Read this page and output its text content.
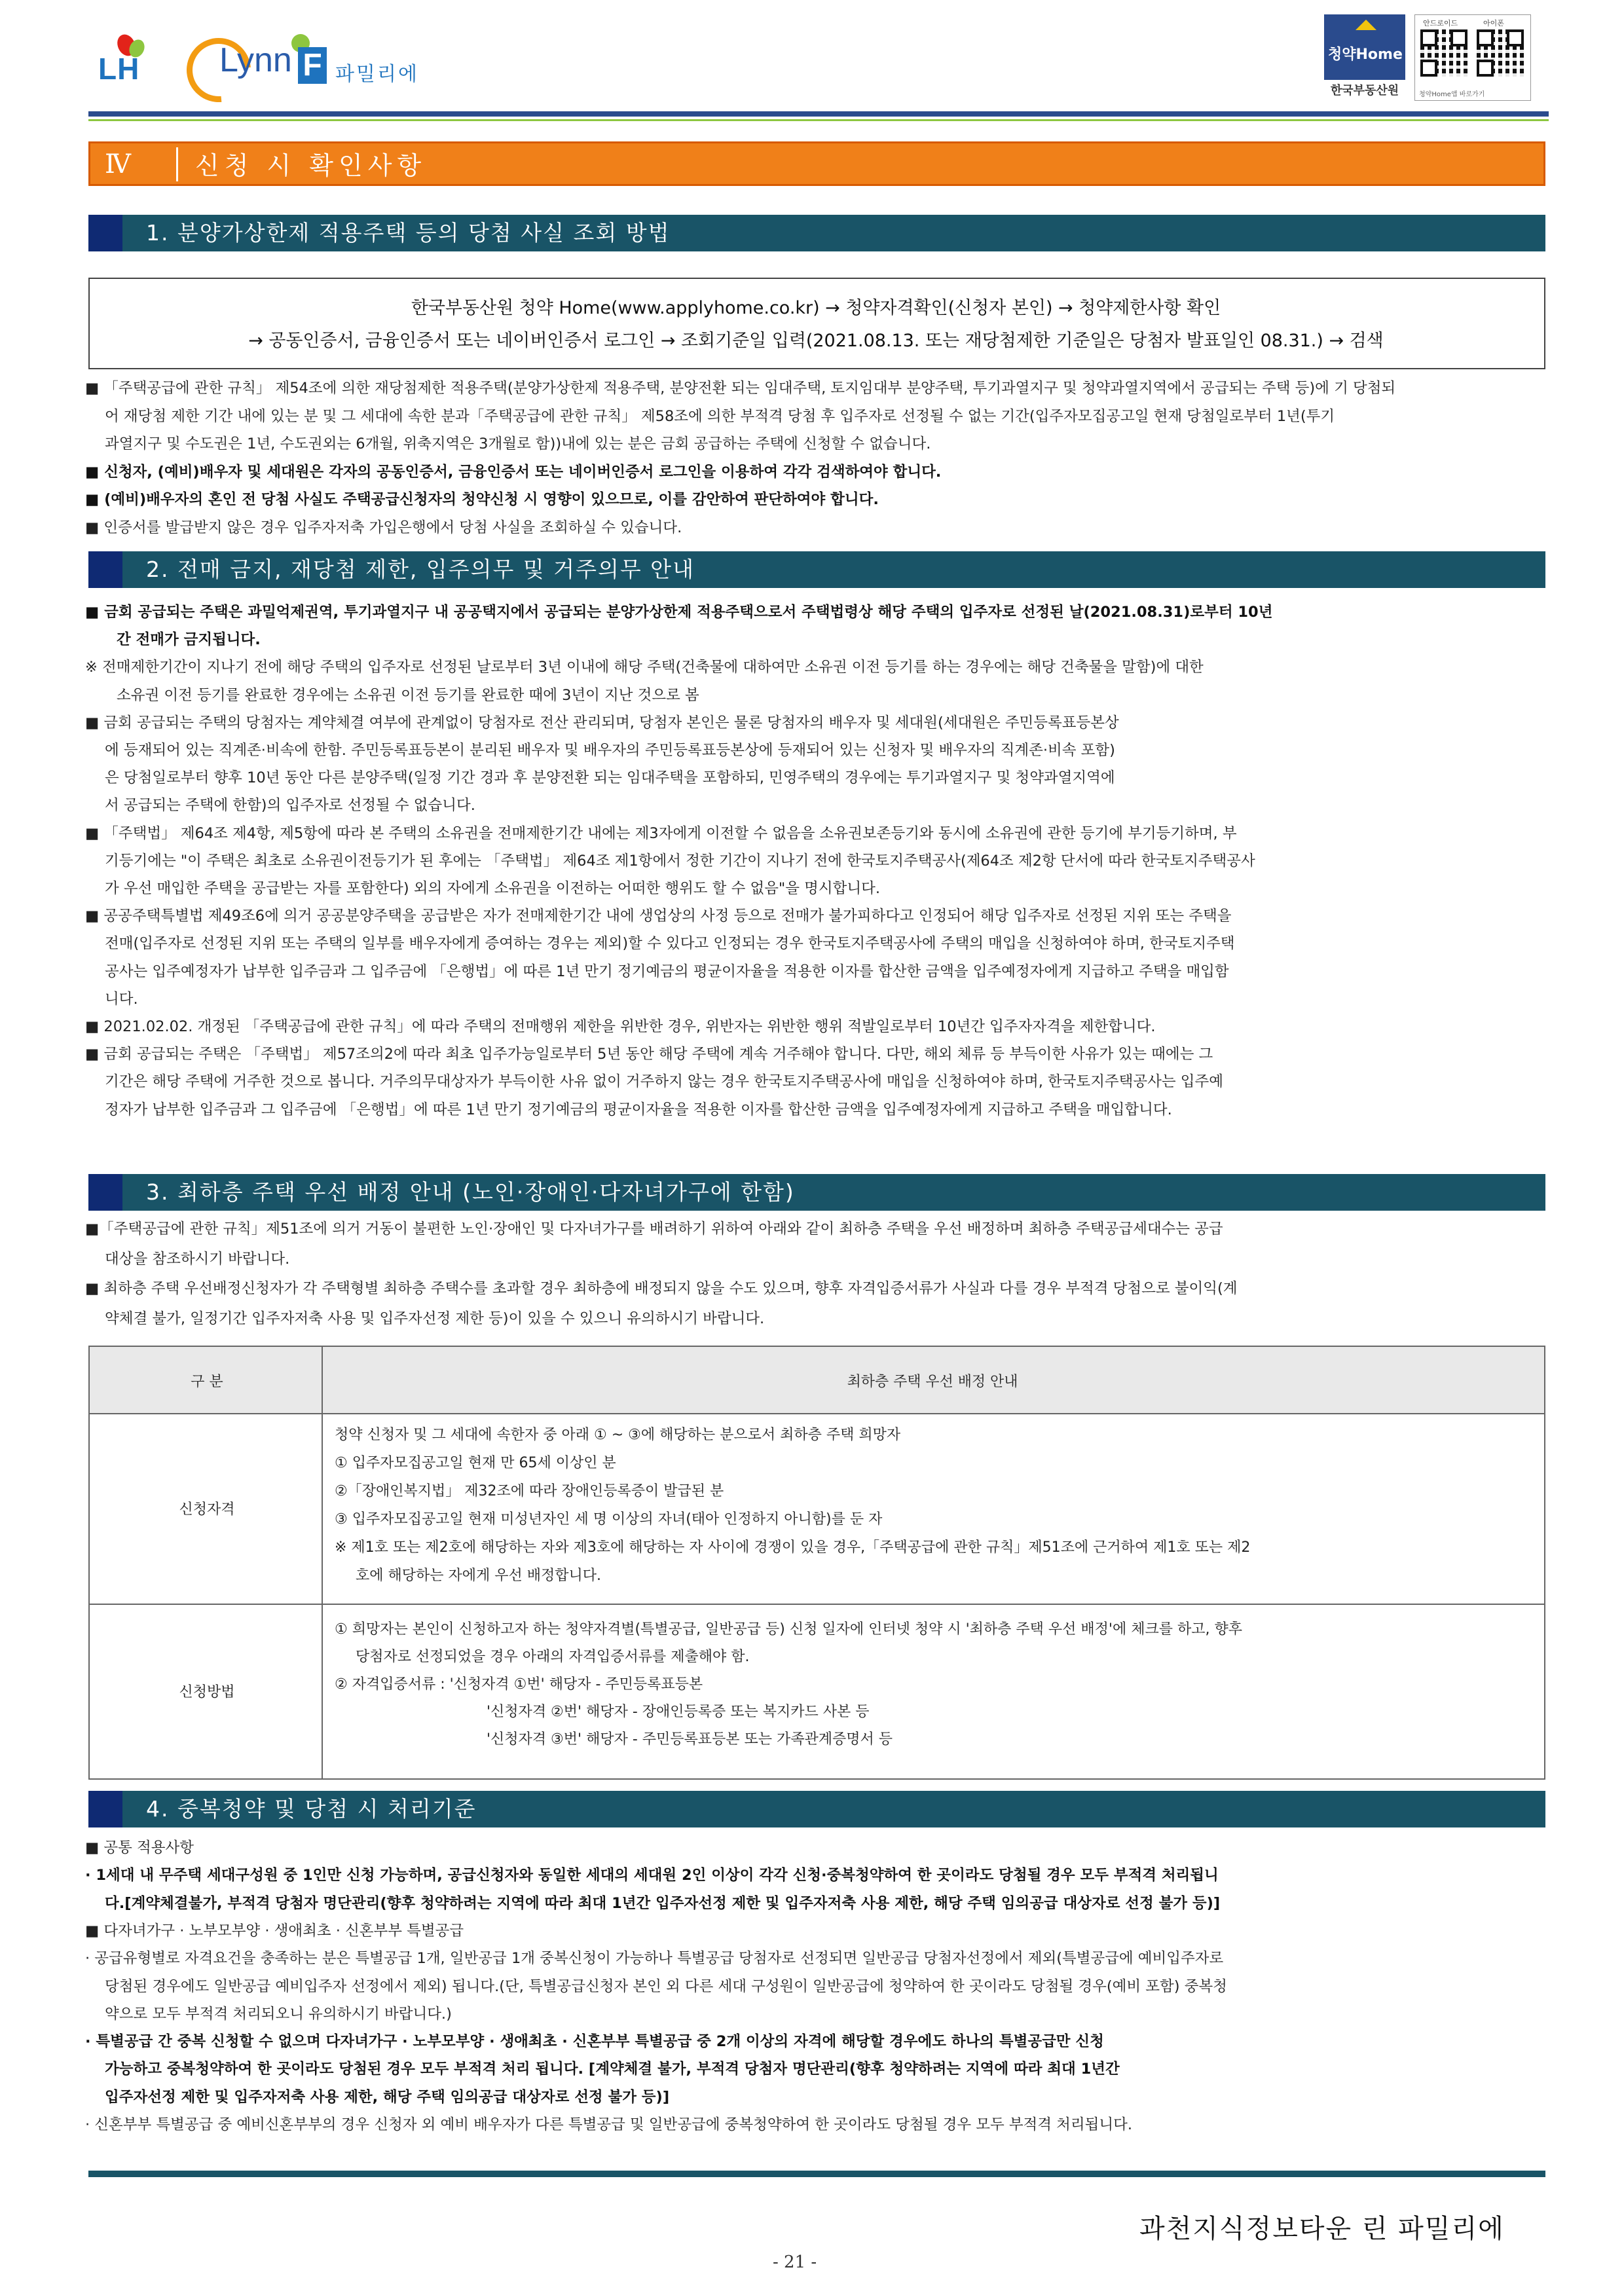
LH Lynn F 파밀리에
청약Home
한국부동산원
안드로이드	아이폰
청약Home앱 바로가기
Ⅳ	신청 시 확인사항
1. 분양가상한제 적용주택 등의 당첨 사실 조회 방법
한국부동산원 청약 Home(www.applyhome.co.kr) → 청약자격확인(신청자 본인) → 청약제한사항 확인
→ 공동인증서, 금융인증서 또는 네이버인증서 로그인 → 조회기준일 입력(2021.08.13. 또는 재당첨제한 기준일은 당첨자 발표일인 08.31.) → 검색
■ 「주택공급에 관한 규칙」 제54조에 의한 재당첨제한 적용주택(분양가상한제 적용주택, 분양전환 되는 임대주택, 토지임대부 분양주택, 투기과열지구 및 청약과열지역에서 공급되는 주택 등)에 기 당첨되
어 재당첨 제한 기간 내에 있는 분 및 그 세대에 속한 분과「주택공급에 관한 규칙」 제58조에 의한 부적격 당첨 후 입주자로 선정될 수 없는 기간(입주자모집공고일 현재 당첨일로부터 1년(투기
과열지구 및 수도권은 1년, 수도권외는 6개월, 위축지역은 3개월로 함))내에 있는 분은 금회 공급하는 주택에 신청할 수 없습니다.
■ 신청자, (예비)배우자 및 세대원은 각자의 공동인증서, 금융인증서 또는 네이버인증서 로그인을 이용하여 각각 검색하여야 합니다.
■ (예비)배우자의 혼인 전 당첨 사실도 주택공급신청자의 청약신청 시 영향이 있으므로, 이를 감안하여 판단하여야 합니다.
■ 인증서를 발급받지 않은 경우 입주자저축 가입은행에서 당첨 사실을 조회하실 수 있습니다.
2. 전매 금지, 재당첨 제한, 입주의무 및 거주의무 안내
■ 금회 공급되는 주택은 과밀억제권역, 투기과열지구 내 공공택지에서 공급되는 분양가상한제 적용주택으로서 주택법령상 해당 주택의 입주자로 선정된 날(2021.08.31)로부터 10년
간 전매가 금지됩니다.
※ 전매제한기간이 지나기 전에 해당 주택의 입주자로 선정된 날로부터 3년 이내에 해당 주택(건축물에 대하여만 소유권 이전 등기를 하는 경우에는 해당 건축물을 말함)에 대한
소유권 이전 등기를 완료한 경우에는 소유권 이전 등기를 완료한 때에 3년이 지난 것으로 봄
■ 금회 공급되는 주택의 당첨자는 계약체결 여부에 관계없이 당첨자로 전산 관리되며, 당첨자 본인은 물론 당첨자의 배우자 및 세대원(세대원은 주민등록표등본상
에 등재되어 있는 직계존·비속에 한함. 주민등록표등본이 분리된 배우자 및 배우자의 주민등록표등본상에 등재되어 있는 신청자 및 배우자의 직계존·비속 포함)
은 당첨일로부터 향후 10년 동안 다른 분양주택(일정 기간 경과 후 분양전환 되는 임대주택을 포함하되, 민영주택의 경우에는 투기과열지구 및 청약과열지역에
서 공급되는 주택에 한함)의 입주자로 선정될 수 없습니다.
■ 「주택법」 제64조 제4항, 제5항에 따라 본 주택의 소유권을 전매제한기간 내에는 제3자에게 이전할 수 없음을 소유권보존등기와 동시에 소유권에 관한 등기에 부기등기하며, 부
기등기에는 "이 주택은 최초로 소유권이전등기가 된 후에는 「주택법」 제64조 제1항에서 정한 기간이 지나기 전에 한국토지주택공사(제64조 제2항 단서에 따라 한국토지주택공사
가 우선 매입한 주택을 공급받는 자를 포함한다) 외의 자에게 소유권을 이전하는 어떠한 행위도 할 수 없음"을 명시합니다.
■ 공공주택특별법 제49조6에 의거 공공분양주택을 공급받은 자가 전매제한기간 내에 생업상의 사정 등으로 전매가 불가피하다고 인정되어 해당 입주자로 선정된 지위 또는 주택을
전매(입주자로 선정된 지위 또는 주택의 일부를 배우자에게 증여하는 경우는 제외)할 수 있다고 인정되는 경우 한국토지주택공사에 주택의 매입을 신청하여야 하며, 한국토지주택
공사는 입주예정자가 납부한 입주금과 그 입주금에 「은행법」에 따른 1년 만기 정기예금의 평균이자율을 적용한 이자를 합산한 금액을 입주예정자에게 지급하고 주택을 매입함
니다.
■ 2021.02.02. 개정된 「주택공급에 관한 규칙」에 따라 주택의 전매행위 제한을 위반한 경우, 위반자는 위반한 행위 적발일로부터 10년간 입주자자격을 제한합니다.
■ 금회 공급되는 주택은 「주택법」 제57조의2에 따라 최초 입주가능일로부터 5년 동안 해당 주택에 계속 거주해야 합니다. 다만, 해외 체류 등 부득이한 사유가 있는 때에는 그
기간은 해당 주택에 거주한 것으로 봅니다. 거주의무대상자가 부득이한 사유 없이 거주하지 않는 경우 한국토지주택공사에 매입을 신청하여야 하며, 한국토지주택공사는 입주예
정자가 납부한 입주금과 그 입주금에 「은행법」에 따른 1년 만기 정기예금의 평균이자율을 적용한 이자를 합산한 금액을 입주예정자에게 지급하고 주택을 매입합니다.
3. 최하층 주택 우선 배정 안내 (노인·장애인·다자녀가구에 한함)
■「주택공급에 관한 규칙」제51조에 의거 거동이 불편한 노인·장애인 및 다자녀가구를 배려하기 위하여 아래와 같이 최하층 주택을 우선 배정하며 최하층 주택공급세대수는 공급
대상을 참조하시기 바랍니다.
■ 최하층 주택 우선배정신청자가 각 주택형별 최하층 주택수를 초과할 경우 최하층에 배정되지 않을 수도 있으며, 향후 자격입증서류가 사실과 다를 경우 부적격 당첨으로 불이익(계
약체결 불가, 일정기간 입주자저축 사용 및 입주자선정 제한 등)이 있을 수 있으니 유의하시기 바랍니다.
구 분	최하층 주택 우선 배정 안내
신청자격
청약 신청자 및 그 세대에 속한자 중 아래 ① ~ ③에 해당하는 분으로서 최하층 주택 희망자
① 입주자모집공고일 현재 만 65세 이상인 분
②「장애인복지법」 제32조에 따라 장애인등록증이 발급된 분
③ 입주자모집공고일 현재 미성년자인 세 명 이상의 자녀(태아 인정하지 아니함)를 둔 자
※ 제1호 또는 제2호에 해당하는 자와 제3호에 해당하는 자 사이에 경쟁이 있을 경우,「주택공급에 관한 규칙」제51조에 근거하여 제1호 또는 제2
호에 해당하는 자에게 우선 배정합니다.
신청방법
① 희망자는 본인이 신청하고자 하는 청약자격별(특별공급, 일반공급 등) 신청 일자에 인터넷 청약 시 '최하층 주택 우선 배정'에 체크를 하고, 향후
당첨자로 선정되었을 경우 아래의 자격입증서류를 제출해야 함.
② 자격입증서류 : '신청자격 ①번' 해당자 - 주민등록표등본
'신청자격 ②번' 해당자 - 장애인등록증 또는 복지카드 사본 등
'신청자격 ③번' 해당자 - 주민등록표등본 또는 가족관계증명서 등
4. 중복청약 및 당첨 시 처리기준
■ 공통 적용사항
· 1세대 내 무주택 세대구성원 중 1인만 신청 가능하며, 공급신청자와 동일한 세대의 세대원 2인 이상이 각각 신청·중복청약하여 한 곳이라도 당첨될 경우 모두 부적격 처리됩니
다.[계약체결불가, 부적격 당첨자 명단관리(향후 청약하려는 지역에 따라 최대 1년간 입주자선정 제한 및 입주자저축 사용 제한, 해당 주택 임의공급 대상자로 선정 불가 등)]
■ 다자녀가구 · 노부모부양 · 생애최초 · 신혼부부 특별공급
· 공급유형별로 자격요건을 충족하는 분은 특별공급 1개, 일반공급 1개 중복신청이 가능하나 특별공급 당첨자로 선정되면 일반공급 당첨자선정에서 제외(특별공급에 예비입주자로
당첨된 경우에도 일반공급 예비입주자 선정에서 제외) 됩니다.(단, 특별공급신청자 본인 외 다른 세대 구성원이 일반공급에 청약하여 한 곳이라도 당첨될 경우(예비 포함) 중복청
약으로 모두 부적격 처리되오니 유의하시기 바랍니다.)
· 특별공급 간 중복 신청할 수 없으며 다자녀가구 · 노부모부양 · 생애최초 · 신혼부부 특별공급 중 2개 이상의 자격에 해당할 경우에도 하나의 특별공급만 신청
가능하고 중복청약하여 한 곳이라도 당첨된 경우 모두 부적격 처리 됩니다. [계약체결 불가, 부적격 당첨자 명단관리(향후 청약하려는 지역에 따라 최대 1년간
입주자선정 제한 및 입주자저축 사용 제한, 해당 주택 임의공급 대상자로 선정 불가 등)]
· 신혼부부 특별공급 중 예비신혼부부의 경우 신청자 외 예비 배우자가 다른 특별공급 및 일반공급에 중복청약하여 한 곳이라도 당첨될 경우 모두 부적격 처리됩니다.
과천지식정보타운 린 파밀리에
- 21 -
